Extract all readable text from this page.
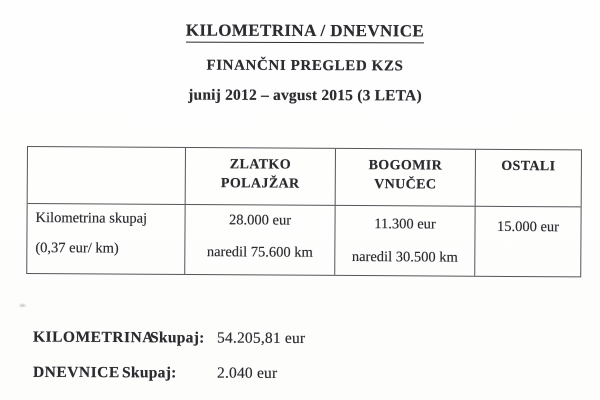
KILOMETRINA / DNEVNICE
FINANČNI PREGLED KZS
junij 2012 – avgust 2015 (3 LETA)
ZLATKO
POLAJŽAR
BOGOMIR
VNUČEC
OSTALI
Kilometrina skupaj
(0,37 eur/ km)
28.000 eur
naredil 75.600 km
11.300 eur
naredil 30.500 km
15.000 eur
KILOMETRINA
Skupaj: 54.205,81 eur
DNEVNICE Skupaj:	2.040 eur
